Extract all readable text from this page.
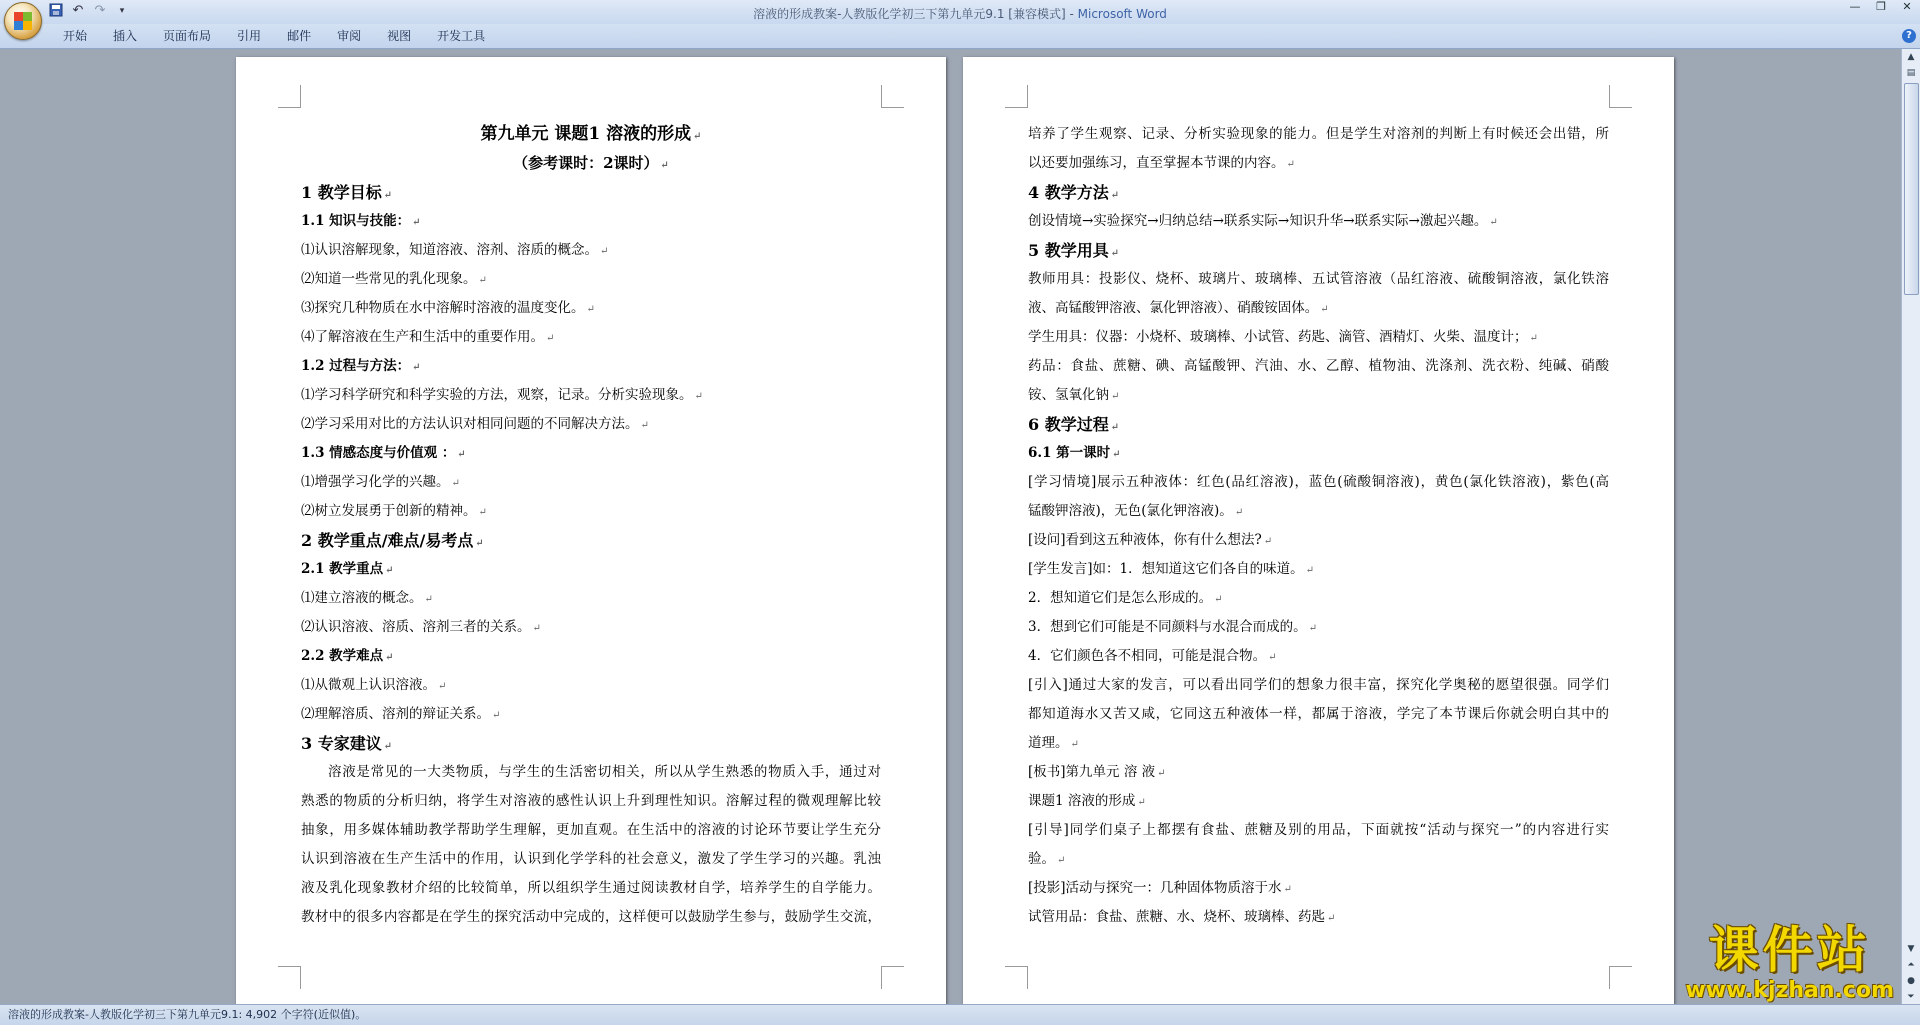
↶ ↷	▾	溶液的形成教案-人教版化学初三下第九单元9.1 [兼容模式] - Microsoft Word
—	❐	✕
开始	插入	页面布局	引用	邮件	审阅	视图	开发工具	?
第九单元 课题1 溶液的形成 ↵
（参考课时：2课时） ↵
1 教学目标 ↵
1.1 知识与技能： ↵
⑴认识溶解现象，知道溶液、溶剂、溶质的概念。 ↵
⑵知道一些常见的乳化现象。 ↵
⑶探究几种物质在水中溶解时溶液的温度变化。 ↵
⑷了解溶液在生产和生活中的重要作用。 ↵
1.2 过程与方法： ↵
⑴学习科学研究和科学实验的方法，观察，记录。分析实验现象。 ↵
⑵学习采用对比的方法认识对相同问题的不同解决方法。 ↵
1.3 情感态度与价值观 ： ↵
⑴增强学习化学的兴趣。 ↵
⑵树立发展勇于创新的精神。 ↵
2 教学重点/难点/易考点 ↵
2.1 教学重点 ↵
⑴建立溶液的概念。 ↵
⑵认识溶液、溶质、溶剂三者的关系。 ↵
2.2 教学难点 ↵
⑴从微观上认识溶液。 ↵
⑵理解溶质、溶剂的辩证关系。 ↵
3 专家建议 ↵
溶液是常见的一大类物质，与学生的生活密切相关，所以从学生熟悉的物质入手，通过对
熟悉的物质的分析归纳，将学生对溶液的感性认识上升到理性知识。溶解过程的微观理解比较
抽象，用多媒体辅助教学帮助学生理解，更加直观。在生活中的溶液的讨论环节要让学生充分
认识到溶液在生产生活中的作用，认识到化学学科的社会意义，激发了学生学习的兴趣。乳浊
液及乳化现象教材介绍的比较简单，所以组织学生通过阅读教材自学，培养学生的自学能力。
教材中的很多内容都是在学生的探究活动中完成的，这样便可以鼓励学生参与，鼓励学生交流，
培养了学生观察、记录、分析实验现象的能力。但是学生对溶剂的判断上有时候还会出错，所
以还要加强练习，直至掌握本节课的内容。 ↵
4 教学方法 ↵
创设情境→实验探究→归纳总结→联系实际→知识升华→联系实际→激起兴趣。 ↵
5 教学用具 ↵
教师用具：投影仪、烧杯、玻璃片、玻璃棒、五试管溶液（品红溶液、硫酸铜溶液，氯化铁溶
液、高锰酸钾溶液、氯化钾溶液）、硝酸铵固体。 ↵
学生用具：仪器：小烧杯、玻璃棒、小试管、药匙、滴管、酒精灯、火柴、温度计； ↵
药品：食盐、蔗糖、碘、高锰酸钾、汽油、水、乙醇、植物油、洗涤剂、洗衣粉、纯碱、硝酸
铵、氢氧化钠 ↵
6 教学过程 ↵
6.1 第一课时 ↵
[学习情境]展示五种液体：红色(品红溶液)，蓝色(硫酸铜溶液)，黄色(氯化铁溶液)，紫色(高
锰酸钾溶液)，无色(氯化钾溶液)。 ↵
[设问]看到这五种液体，你有什么想法? ↵
[学生发言]如：1．想知道这它们各自的味道。 ↵
2．想知道它们是怎么形成的。 ↵
3．想到它们可能是不同颜料与水混合而成的。 ↵
4．它们颜色各不相同，可能是混合物。 ↵
[引入]通过大家的发言，可以看出同学们的想象力很丰富，探究化学奥秘的愿望很强。同学们
都知道海水又苦又咸，它同这五种液体一样，都属于溶液，学完了本节课后你就会明白其中的
道理。 ↵
[板书]第九单元 溶 液 ↵
课题1 溶液的形成 ↵
[引导]同学们桌子上都摆有食盐、蔗糖及别的用品，下面就按“活动与探究一”的内容进行实
验。 ↵
[投影]活动与探究一：几种固体物质溶于水 ↵
试管用品：食盐、蔗糖、水、烧杯、玻璃棒、药匙 ↵
▲
▤
▼
⏶
●
⏷
课件站
www.kjzhan.com
溶液的形成教案-人教版化学初三下第九单元9.1: 4,902 个字符(近似值)。
